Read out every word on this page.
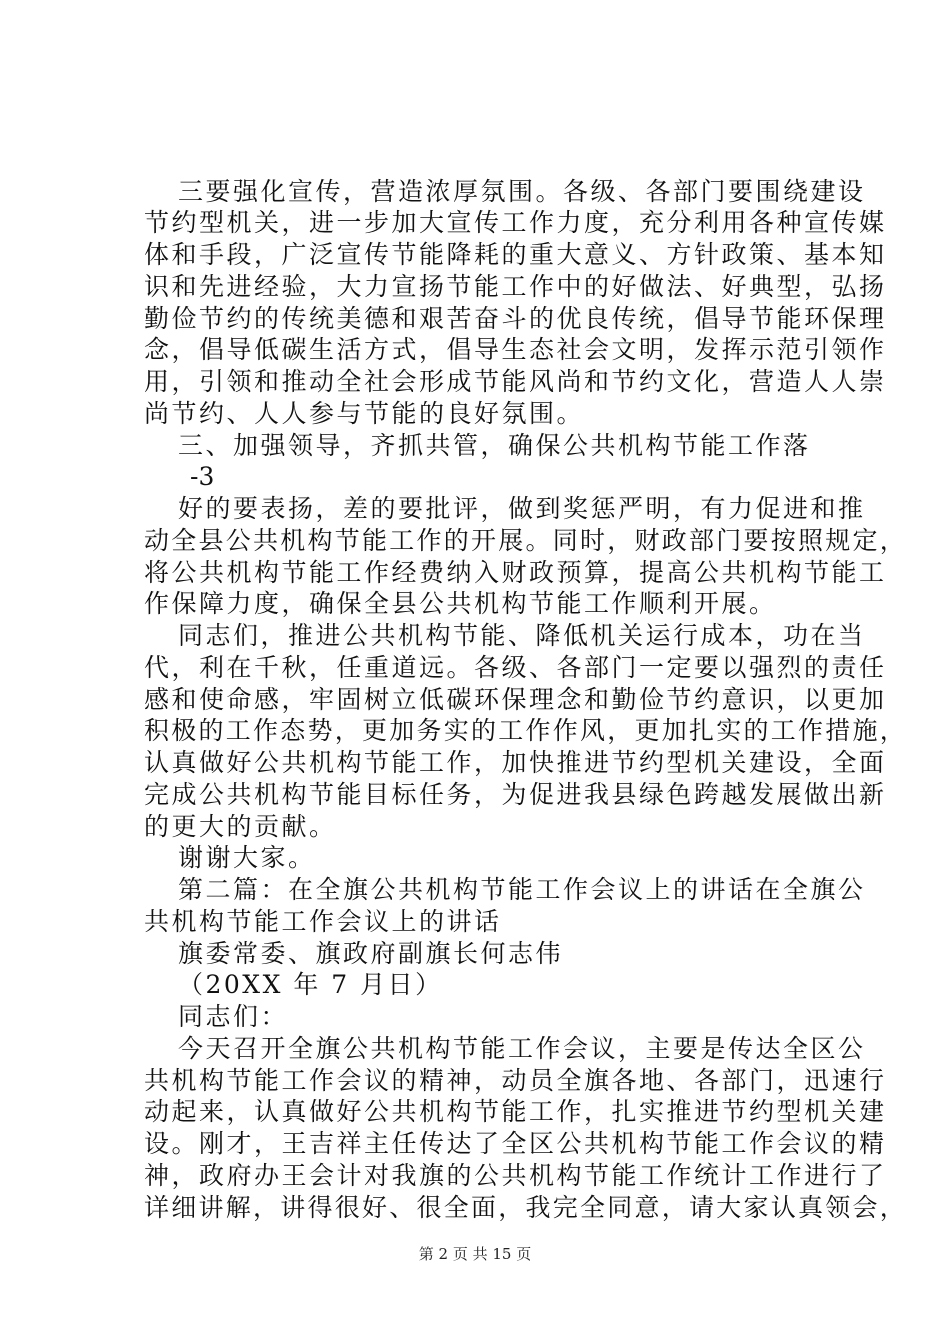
三要强化宣传，营造浓厚氛围。各级、各部门要围绕建设
节约型机关，进一步加大宣传工作力度，充分利用各种宣传媒
体和手段，广泛宣传节能降耗的重大意义、方针政策、基本知
识和先进经验，大力宣扬节能工作中的好做法、好典型，弘扬
勤俭节约的传统美德和艰苦奋斗的优良传统，倡导节能环保理
念，倡导低碳生活方式，倡导生态社会文明，发挥示范引领作
用，引领和推动全社会形成节能风尚和节约文化，营造人人崇
尚节约、人人参与节能的良好氛围。
三、加强领导，齐抓共管，确保公共机构节能工作落
-3
好的要表扬，差的要批评，做到奖惩严明，有力促进和推
动全县公共机构节能工作的开展。同时，财政部门要按照规定，
将公共机构节能工作经费纳入财政预算，提高公共机构节能工
作保障力度，确保全县公共机构节能工作顺利开展。
同志们，推进公共机构节能、降低机关运行成本，功在当
代，利在千秋，任重道远。各级、各部门一定要以强烈的责任
感和使命感，牢固树立低碳环保理念和勤俭节约意识，以更加
积极的工作态势，更加务实的工作作风，更加扎实的工作措施，
认真做好公共机构节能工作，加快推进节约型机关建设，全面
完成公共机构节能目标任务，为促进我县绿色跨越发展做出新
的更大的贡献。
谢谢大家。
第二篇：在全旗公共机构节能工作会议上的讲话在全旗公
共机构节能工作会议上的讲话
旗委常委、旗政府副旗长何志伟
（20XX 年 7 月日）
同志们：
今天召开全旗公共机构节能工作会议，主要是传达全区公
共机构节能工作会议的精神，动员全旗各地、各部门，迅速行
动起来，认真做好公共机构节能工作，扎实推进节约型机关建
设。刚才，王吉祥主任传达了全区公共机构节能工作会议的精
神，政府办王会计对我旗的公共机构节能工作统计工作进行了
详细讲解，讲得很好、很全面，我完全同意，请大家认真领会，
第 2 页 共 15 页
